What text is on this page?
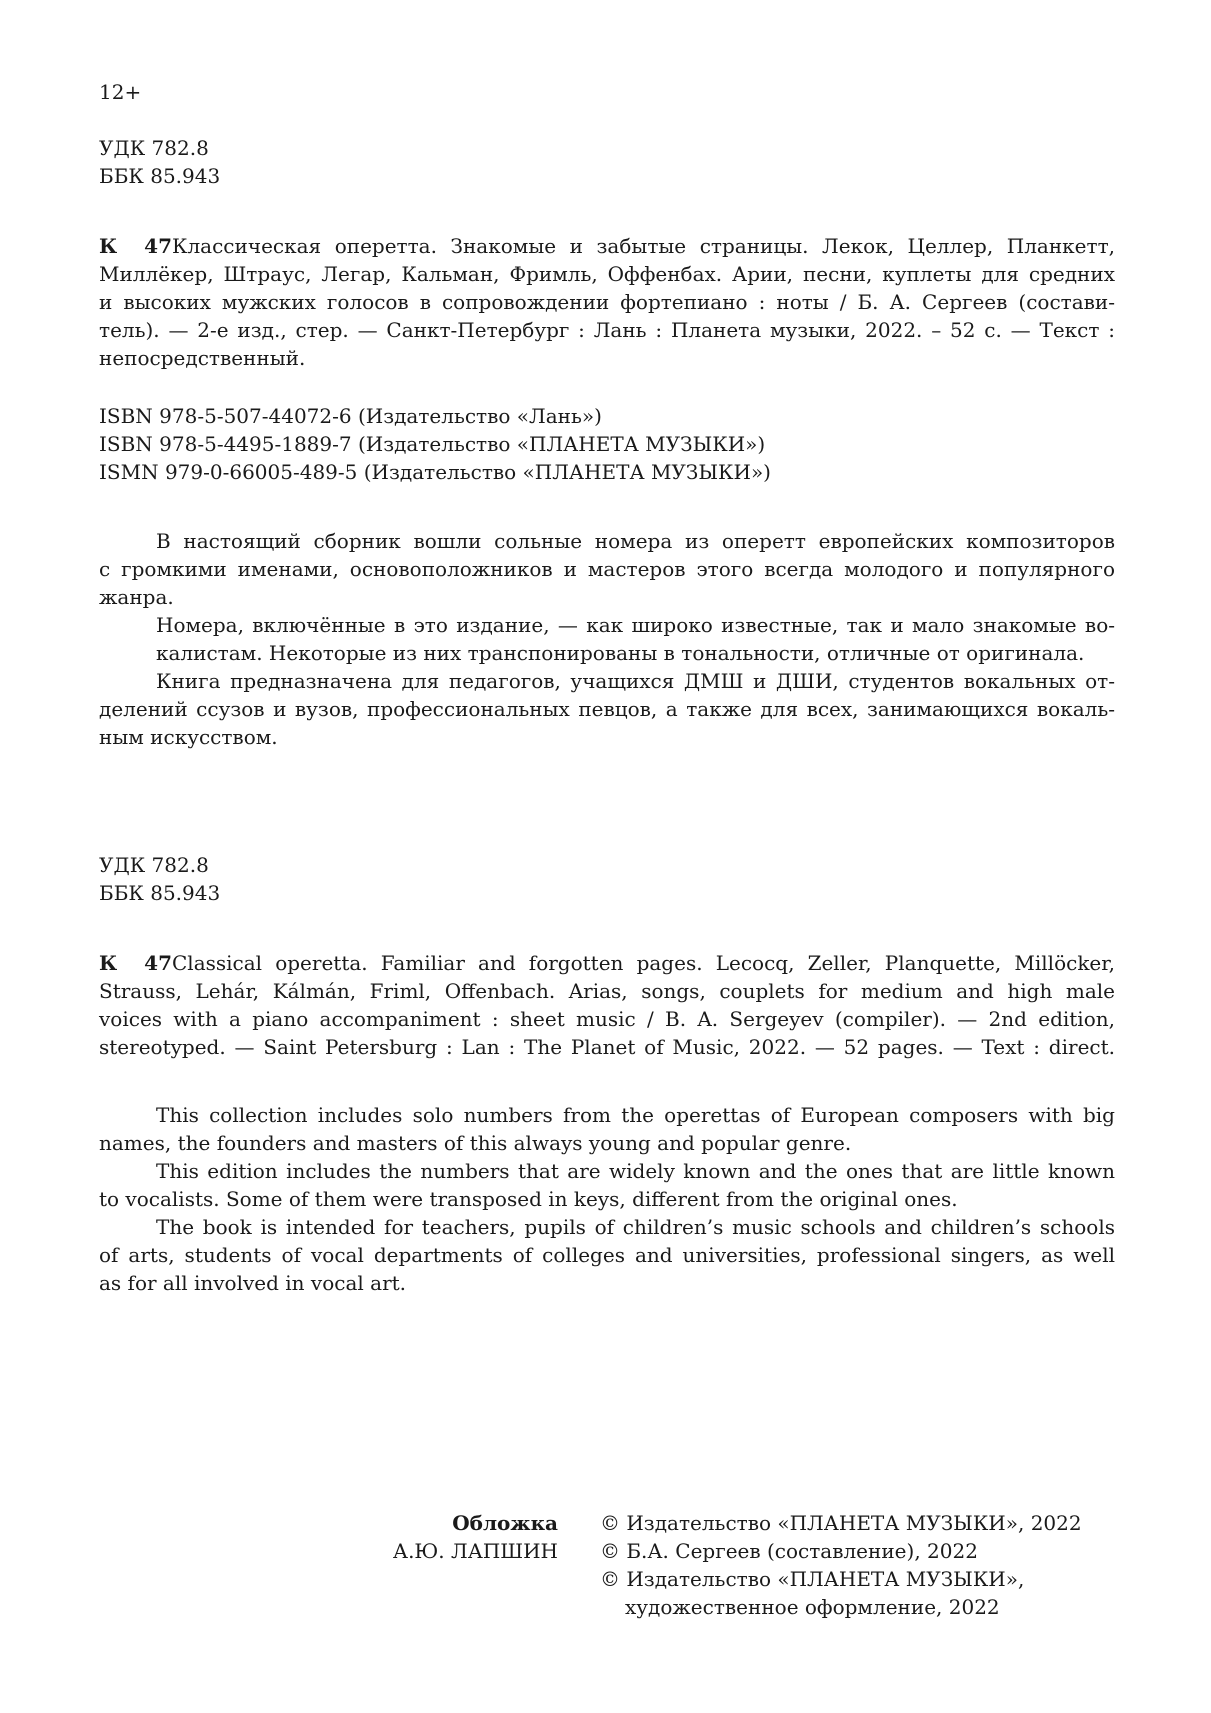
12+
УДК 782.8
ББК 85.943
К 47Классическая оперетта. Знакомые и забытые страницы. Лекок, Целлер, Планкетт,
Миллёкер, Штраус, Легар, Кальман, Фримль, Оффенбах. Арии, песни, куплеты для средних
и высоких мужских голосов в сопровождении фортепиано : ноты / Б. А. Сергеев (состави-
тель). — 2-е изд., стер. — Санкт-Петербург : Лань : Планета музыки, 2022. – 52 с. — Текст :
непосредственный.
ISBN 978-5-507-44072-6 (Издательство «Лань»)
ISBN 978-5-4495-1889-7 (Издательство «ПЛАНЕТА МУЗЫКИ»)
ISMN 979-0-66005-489-5 (Издательство «ПЛАНЕТА МУЗЫКИ»)
В настоящий сборник вошли сольные номера из оперетт европейских композиторов
с громкими именами, основоположников и мастеров этого всегда молодого и популярного
жанра.
Номера, включённые в это издание, — как широко известные, так и мало знакомые во-
калистам. Некоторые из них транспонированы в тональности, отличные от оригинала.
Книга предназначена для педагогов, учащихся ДМШ и ДШИ, студентов вокальных от-
делений ссузов и вузов, профессиональных певцов, а также для всех, занимающихся вокаль-
ным искусством.
УДК 782.8
ББК 85.943
К 47Classical operetta. Familiar and forgotten pages. Lecocq, Zeller, Planquette, Millöcker,
Strauss, Lehár, Kálmán, Friml, Offenbach. Arias, songs, couplets for medium and high male
voices with a piano accompaniment : sheet music / B. A. Sergeyev (compiler). — 2nd edition,
stereotyped. — Saint Petersburg : Lan : The Planet of Music, 2022. — 52 pages. — Text : direct.
This collection includes solo numbers from the operettas of European composers with big
names, the founders and masters of this always young and popular genre.
This edition includes the numbers that are widely known and the ones that are little known
to vocalists. Some of them were transposed in keys, different from the original ones.
The book is intended for teachers, pupils of children’s music schools and children’s schools
of arts, students of vocal departments of colleges and universities, professional singers, as well
as for all involved in vocal art.
Обложка
А.Ю. ЛАПШИН
© Издательство «ПЛАНЕТА МУЗЫКИ», 2022
© Б.А. Сергеев (составление), 2022
© Издательство «ПЛАНЕТА МУЗЫКИ»,
художественное оформление, 2022
